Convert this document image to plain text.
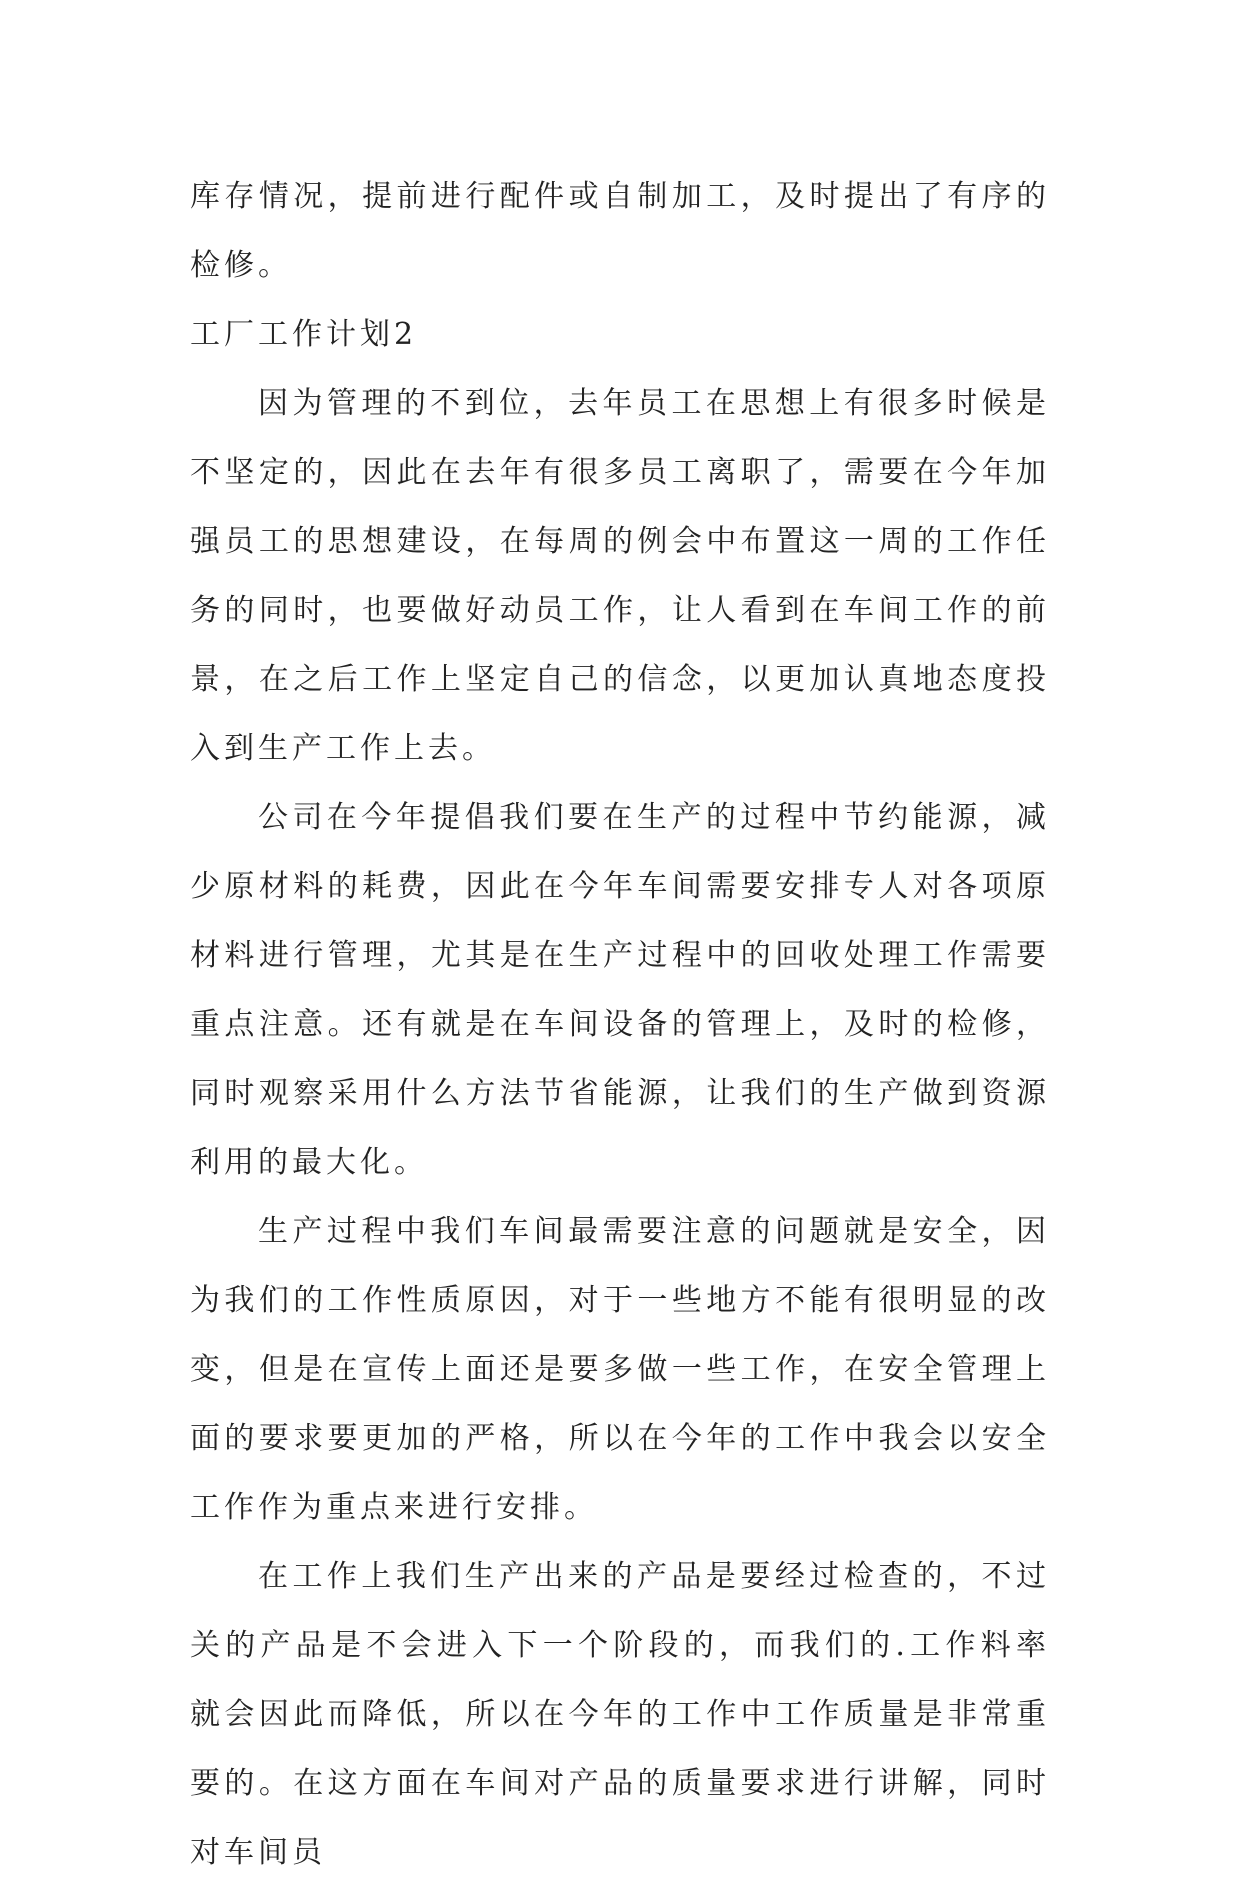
库存情况，提前进行配件或自制加工，及时提出了有序的检修。

工厂工作计划2

因为管理的不到位，去年员工在思想上有很多时候是不坚定的，因此在去年有很多员工离职了，需要在今年加强员工的思想建设，在每周的例会中布置这一周的工作任务的同时，也要做好动员工作，让人看到在车间工作的前景，在之后工作上坚定自己的信念，以更加认真地态度投入到生产工作上去。

公司在今年提倡我们要在生产的过程中节约能源，减少原材料的耗费，因此在今年车间需要安排专人对各项原材料进行管理，尤其是在生产过程中的回收处理工作需要重点注意。还有就是在车间设备的管理上，及时的检修，同时观察采用什么方法节省能源，让我们的生产做到资源利用的最大化。

生产过程中我们车间最需要注意的问题就是安全，因为我们的工作性质原因，对于一些地方不能有很明显的改变，但是在宣传上面还是要多做一些工作，在安全管理上面的要求要更加的严格，所以在今年的工作中我会以安全工作作为重点来进行安排。

在工作上我们生产出来的产品是要经过检查的，不过关的产品是不会进入下一个阶段的，而我们的.工作料率就会因此而降低，所以在今年的工作中工作质量是非常重要的。在这方面在车间对产品的质量要求进行讲解，同时对车间员
